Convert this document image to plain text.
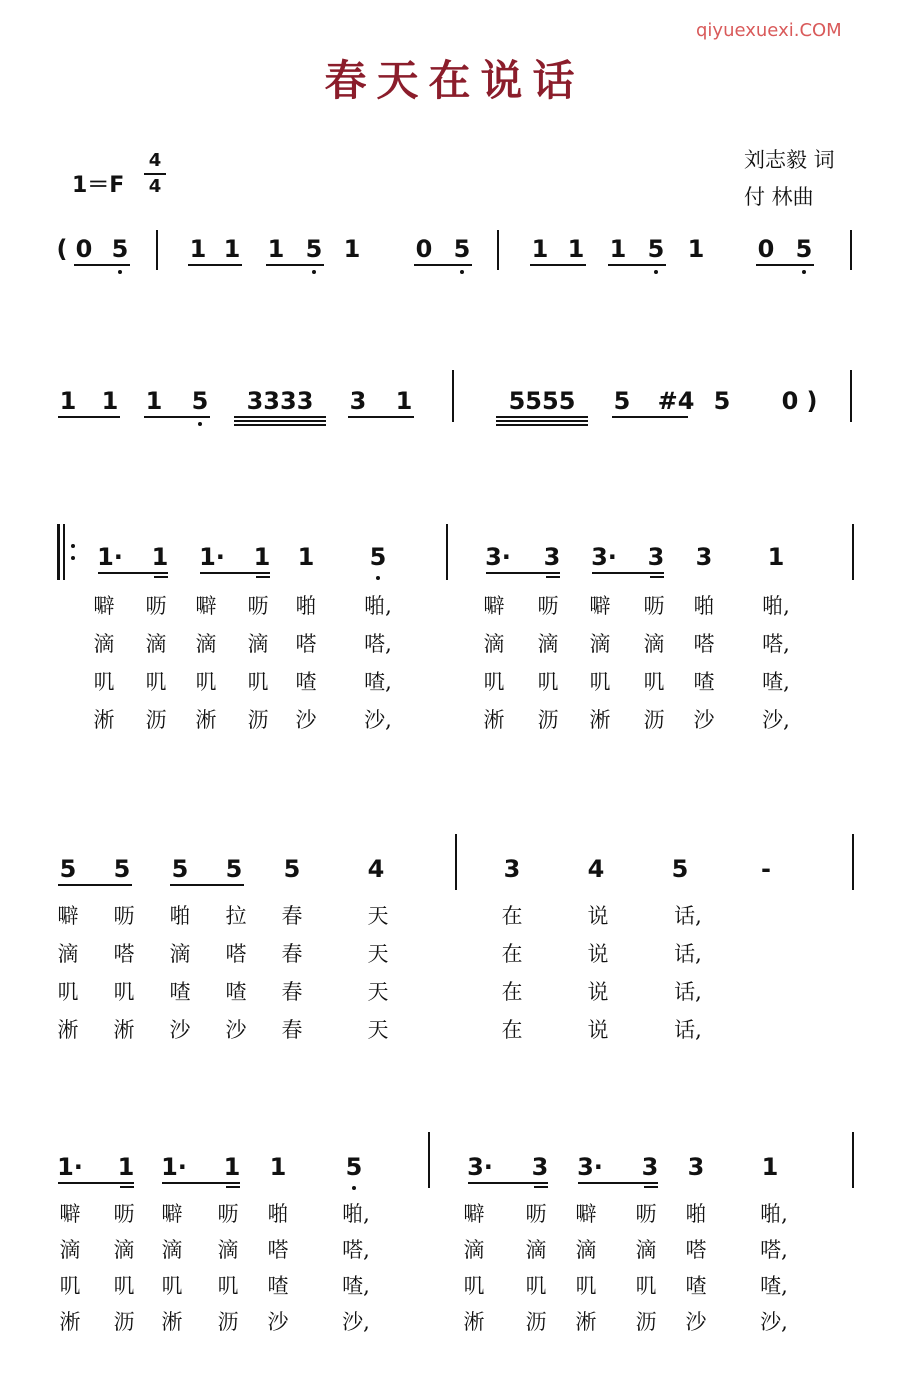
qiyuexuexi.COM
春天在说话
刘志毅 词
付 林曲
1＝F
4
4
( 0 5	1 1 1 5 1 0 5	1 1 1 5 1 0 5
1 1 1 5 3333 3 1	5555 5 #4 5 0 )
1· 1 1· 1 1 5	3· 3 3· 3 3 1
噼 呖 噼 呖 啪 啪,	噼 呖 噼 呖 啪 啪,
滴 滴 滴 滴 嗒 嗒,	滴 滴 滴 滴 嗒 嗒,
叽 叽 叽 叽 喳 喳,	叽 叽 叽 叽 喳 喳,
淅 沥 淅 沥 沙 沙,	淅 沥 淅 沥 沙 沙,
5 5 5 5 5	4	3	4	5	-
噼 呖 啪 拉 春	天	在	说	话,
滴 嗒 滴 嗒 春	天	在	说	话,
叽 叽 喳 喳 春	天	在	说	话,
淅 淅 沙 沙 春	天	在	说	话,
1· 1 1· 1 1 5	3· 3 3· 3 3 1
噼 呖 噼 呖 啪	啪,	噼 呖 噼 呖 啪	啪,
滴 滴 滴 滴 嗒	嗒,	滴 滴 滴 滴 嗒	嗒,
叽 叽 叽 叽 喳	喳,	叽 叽 叽 叽 喳	喳,
淅 沥 淅 沥 沙	沙,	淅 沥 淅 沥 沙	沙,
